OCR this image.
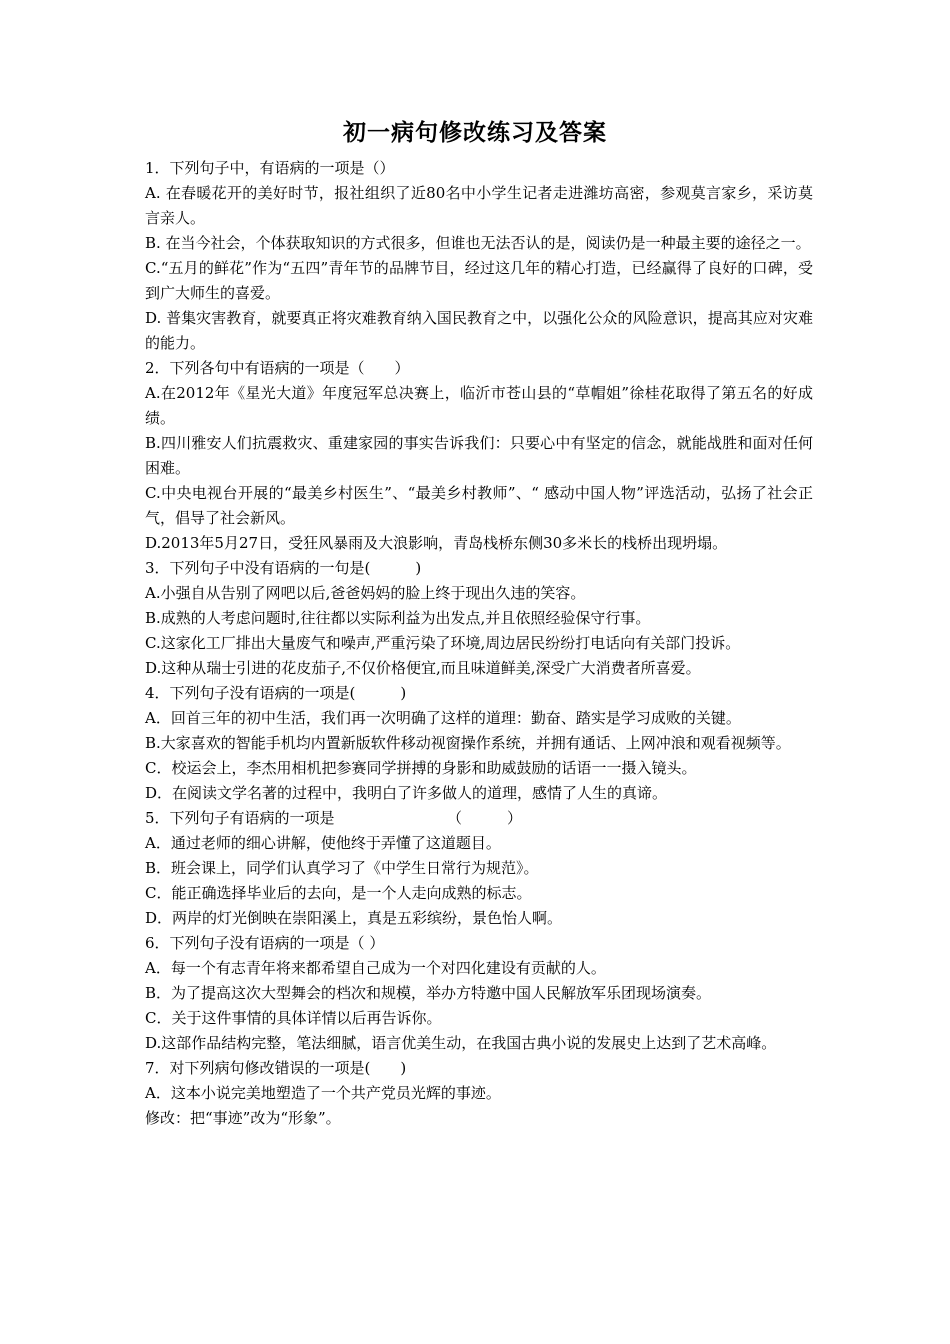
初一病句修改练习及答案

1．下列句子中，有语病的一项是（）

A. 在春暖花开的美好时节，报社组织了近80名中小学生记者走进潍坊高密，参观莫言家乡，采访莫言亲人。

B. 在当今社会，个体获取知识的方式很多，但谁也无法否认的是，阅读仍是一种最主要的途径之一。

C.“五月的鲜花”作为“五四”青年节的品牌节目，经过这几年的精心打造，已经赢得了良好的口碑，受到广大师生的喜爱。

D. 普集灾害教育，就要真正将灾难教育纳入国民教育之中，以强化公众的风险意识，提高其应对灾难的能力。

2．下列各句中有语病的一项是（　　）

A.在2012年《星光大道》年度冠军总决赛上，临沂市苍山县的“草帽姐”徐桂花取得了第五名的好成绩。

B.四川雅安人们抗震救灾、重建家园的事实告诉我们：只要心中有坚定的信念，就能战胜和面对任何困难。

C.中央电视台开展的“最美乡村医生”、“最美乡村教师”、“ 感动中国人物”评选活动，弘扬了社会正气，倡导了社会新风。

D.2013年5月27日，受狂风暴雨及大浪影响，青岛栈桥东侧30多米长的栈桥出现坍塌。

3．下列句子中没有语病的一句是(　　　)

A.小强自从告别了网吧以后,爸爸妈妈的脸上终于现出久违的笑容。

B.成熟的人考虑问题时,往往都以实际利益为出发点,并且依照经验保守行事。

C.这家化工厂排出大量废气和噪声,严重污染了环境,周边居民纷纷打电话向有关部门投诉。

D.这种从瑞士引进的花皮茄子,不仅价格便宜,而且味道鲜美,深受广大消费者所喜爱。

4．下列句子没有语病的一项是(　　　)

A．回首三年的初中生活，我们再一次明确了这样的道理：勤奋、踏实是学习成败的关键。

B.大家喜欢的智能手机均内置新版软件移动视窗操作系统，并拥有通话、上网冲浪和观看视频等。

C．校运会上，李杰用相机把参赛同学拼搏的身影和助威鼓励的话语一一摄入镜头。

D．在阅读文学名著的过程中，我明白了许多做人的道理，感情了人生的真谛。

5．下列句子有语病的一项是　　　　　　　　（　　　）

A．通过老师的细心讲解，使他终于弄懂了这道题目。

B．班会课上，同学们认真学习了《中学生日常行为规范》。

C．能正确选择毕业后的去向，是一个人走向成熟的标志。

D．两岸的灯光倒映在崇阳溪上，真是五彩缤纷，景色怡人啊。

6．下列句子没有语病的一项是（ ）

A．每一个有志青年将来都希望自己成为一个对四化建设有贡献的人。

B．为了提高这次大型舞会的档次和规模，举办方特邀中国人民解放军乐团现场演奏。

C．关于这件事情的具体详情以后再告诉你。

D.这部作品结构完整，笔法细腻，语言优美生动，在我国古典小说的发展史上达到了艺术高峰。

7．对下列病句修改错误的一项是(　　)

A．这本小说完美地塑造了一个共产党员光辉的事迹。

修改：把“事迹”改为“形象”。
